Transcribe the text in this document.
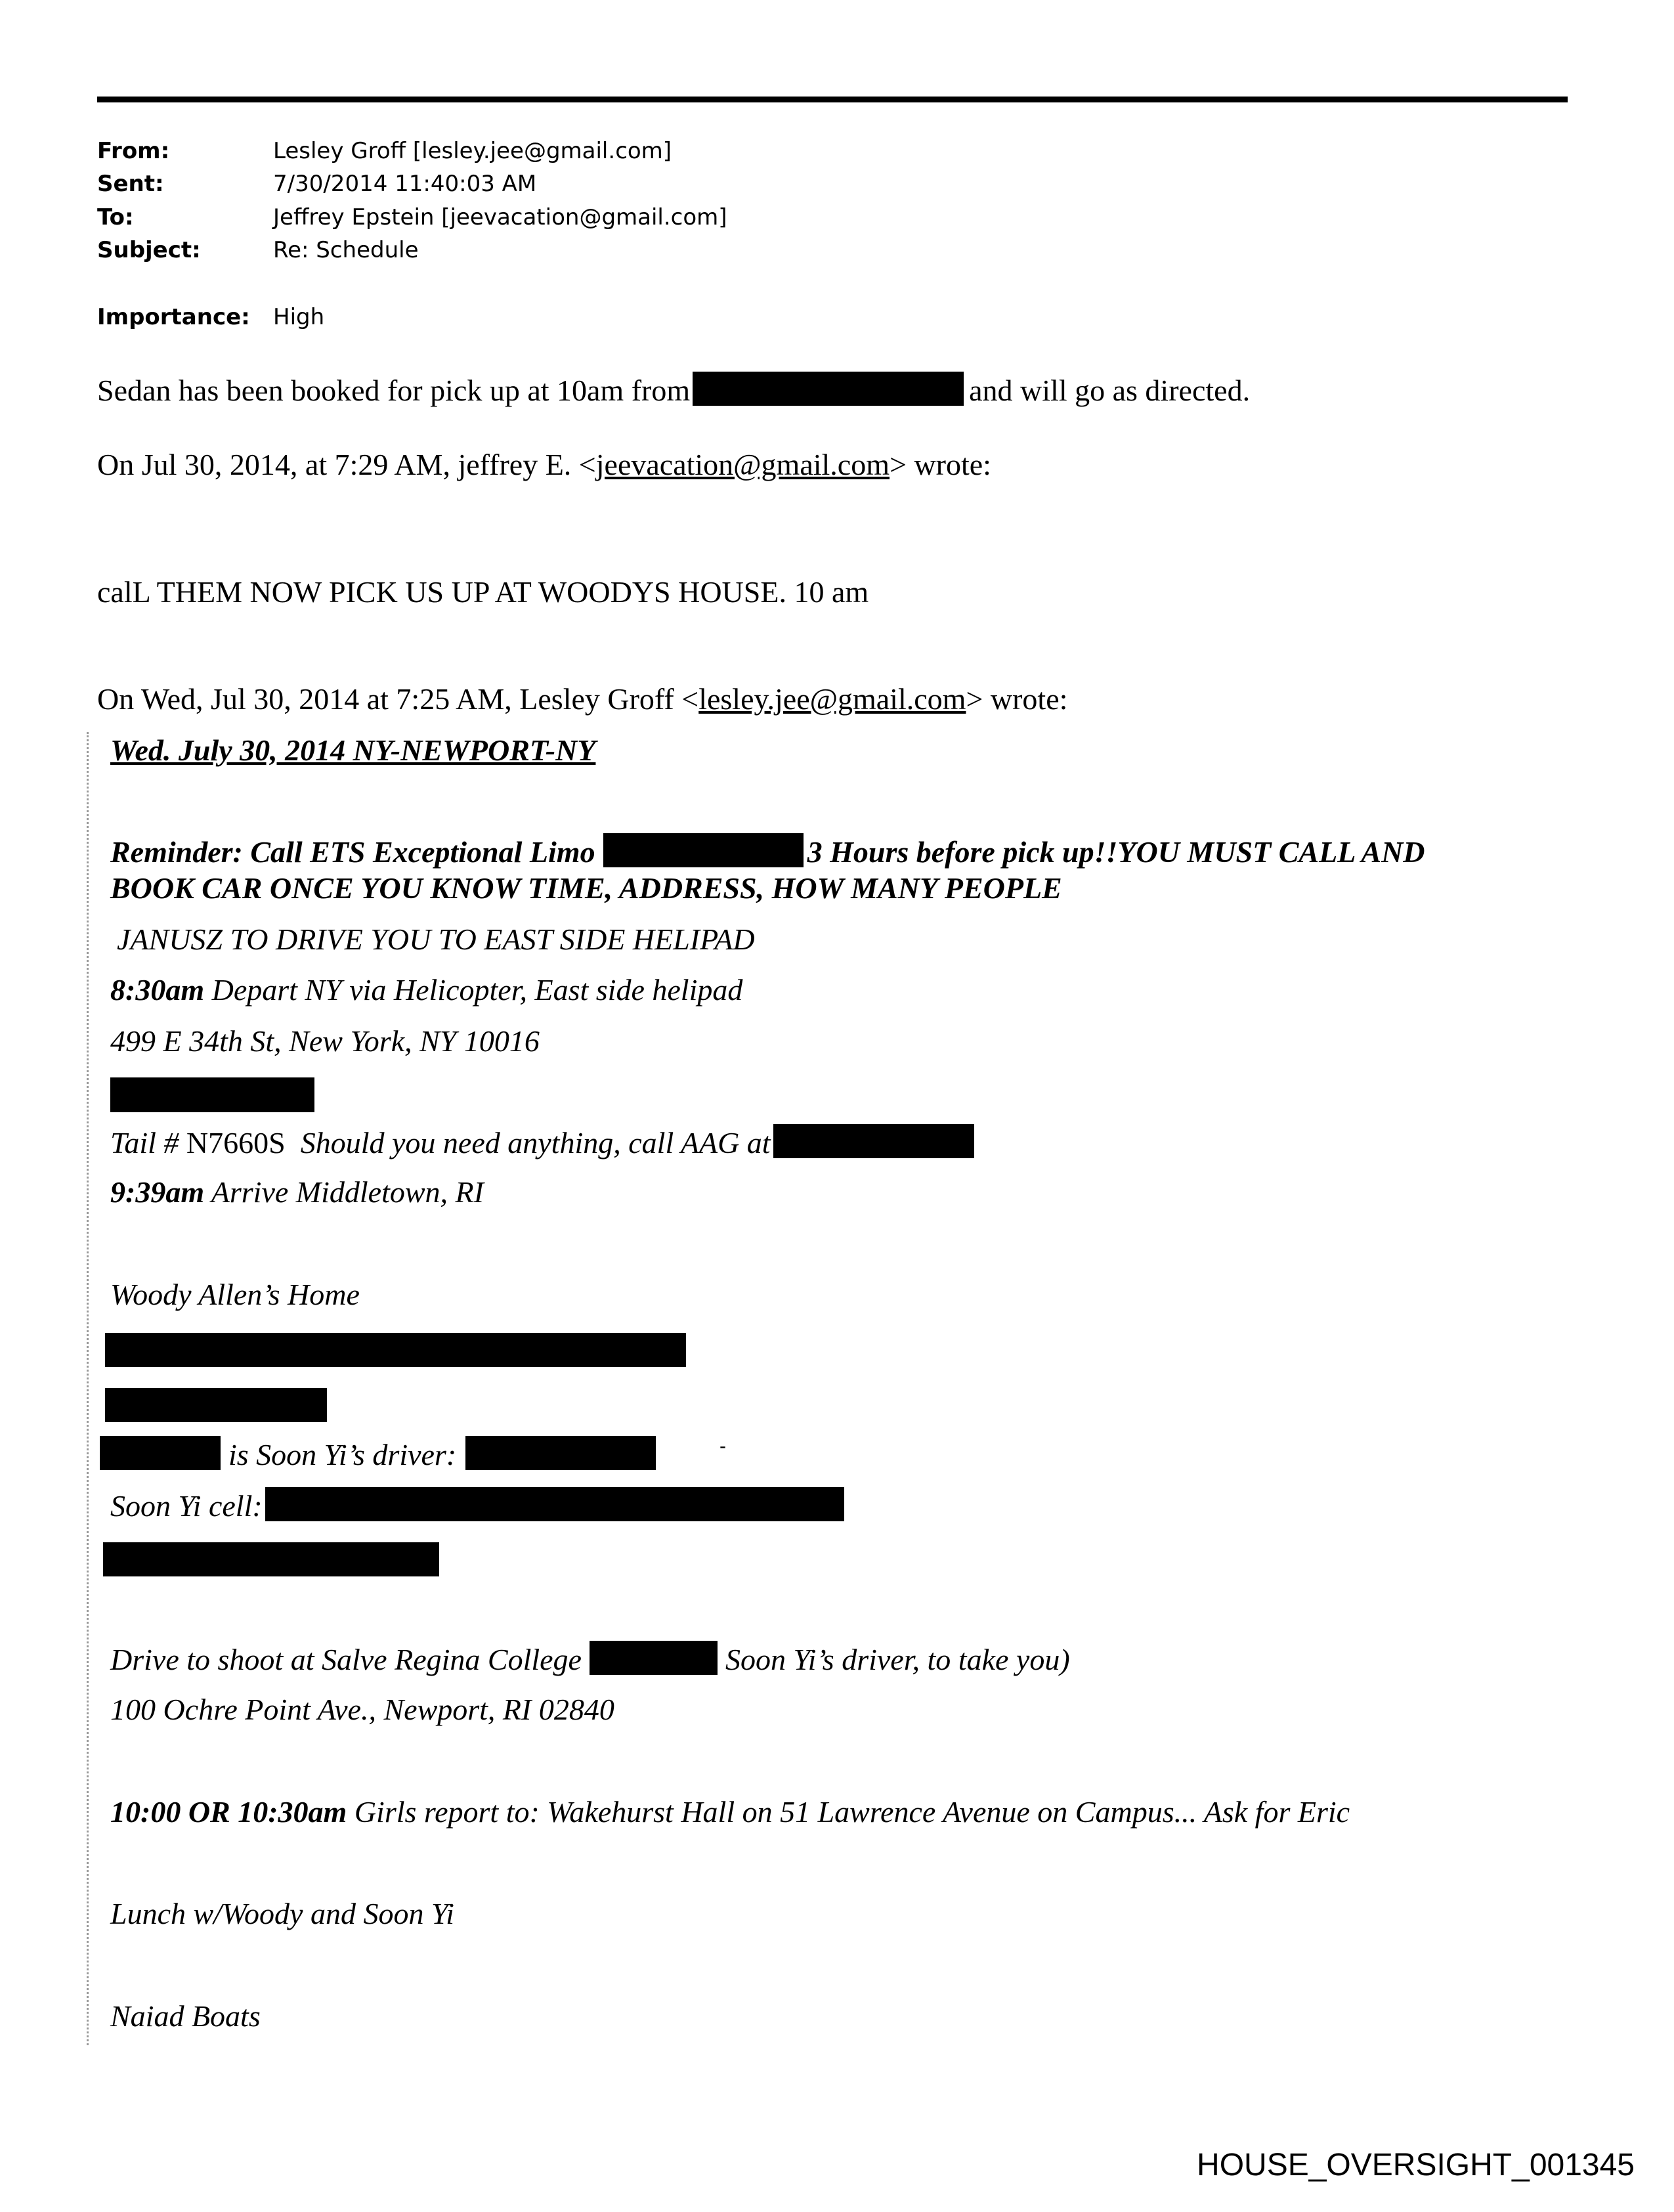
From:	Lesley Groff [lesley.jee@gmail.com]
Sent:	7/30/2014 11:40:03 AM
To:	Jeffrey Epstein [jeevacation@gmail.com]
Subject:	Re: Schedule
Importance: High
Sedan has been booked for pick up at 10am from	and will go as directed.
On Jul 30, 2014, at 7:29 AM, jeffrey E. <jeevacation@gmail.com> wrote:
calL THEM NOW PICK US UP AT WOODYS HOUSE. 10 am
On Wed, Jul 30, 2014 at 7:25 AM, Lesley Groff <lesley.jee@gmail.com> wrote:
Wed. July 30, 2014 NY-NEWPORT-NY
Reminder: Call ETS Exceptional Limo	3 Hours before pick up!!YOU MUST CALL AND
BOOK CAR ONCE YOU KNOW TIME, ADDRESS, HOW MANY PEOPLE
JANUSZ TO DRIVE YOU TO EAST SIDE HELIPAD
8:30am Depart NY via Helicopter, East side helipad
499 E 34th St, New York, NY 10016
Tail # N7660S Should you need anything, call AAG at
9:39am Arrive Middletown, RI
Woody Allen’s Home
is Soon Yi’s driver:	-
Soon Yi cell:
Drive to shoot at Salve Regina College	Soon Yi’s driver, to take you)
100 Ochre Point Ave., Newport, RI 02840
10:00 OR 10:30am Girls report to: Wakehurst Hall on 51 Lawrence Avenue on Campus... Ask for Eric
Lunch w/Woody and Soon Yi
Naiad Boats
HOUSE_OVERSIGHT_001345
